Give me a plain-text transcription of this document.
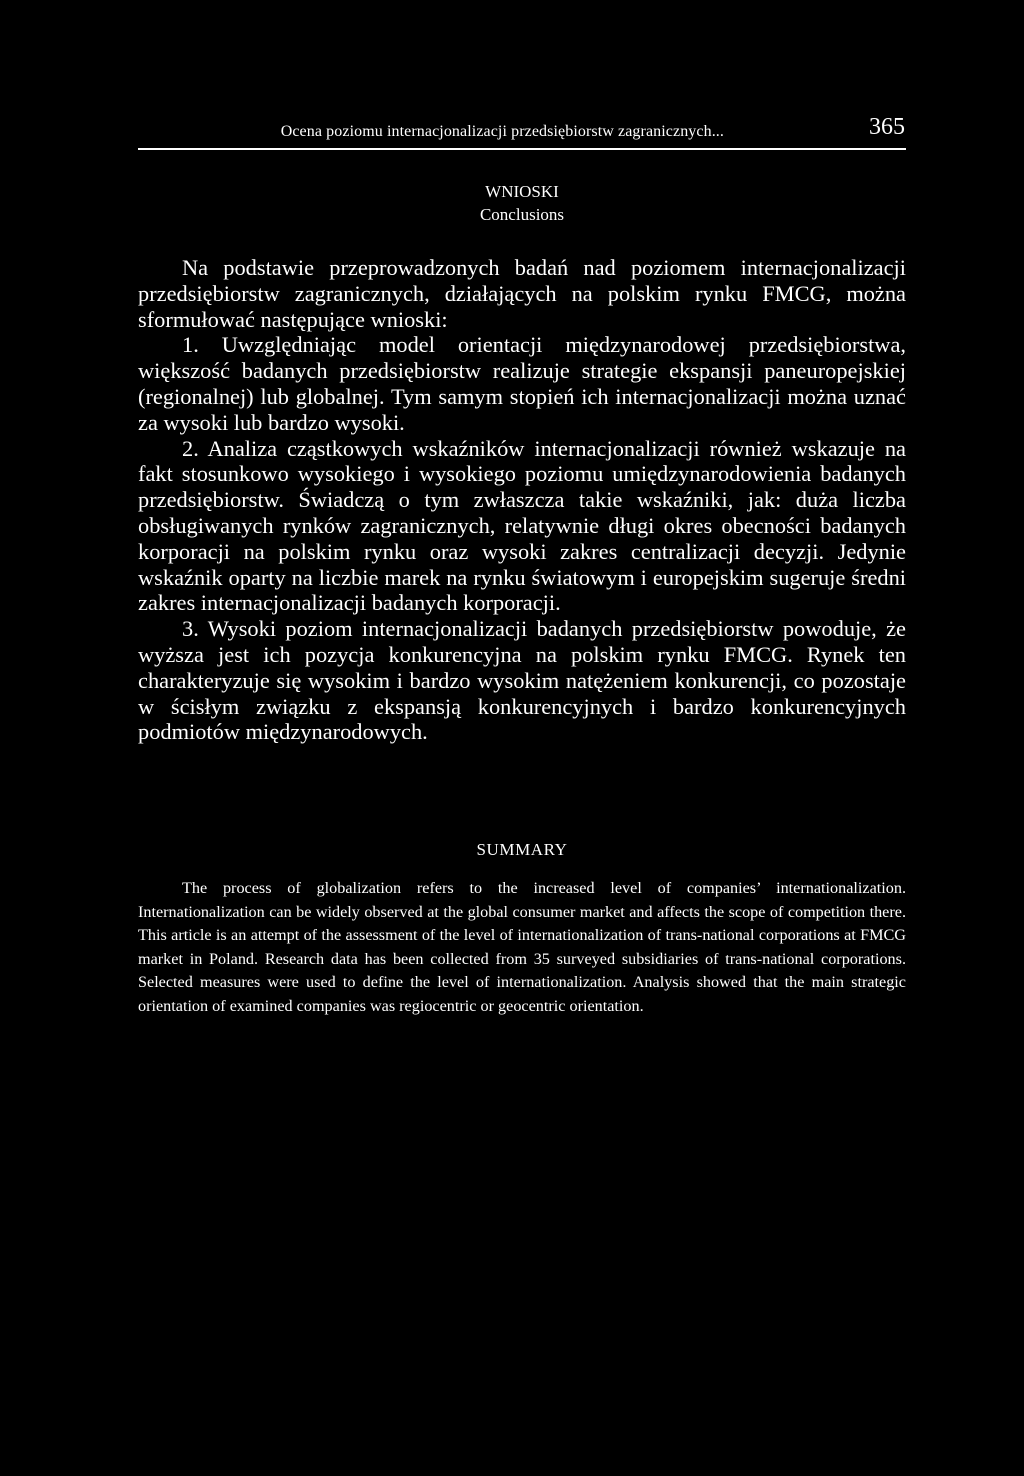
Ocena poziomu internacjonalizacji przedsiębiorstw zagranicznych...	365
WNIOSKI
Conclusions

Na podstawie przeprowadzonych badań nad poziomem internacjonalizacji przedsiębiorstw zagranicznych, działających na polskim rynku FMCG, można sformułować następujące wnioski:

1. Uwzględniając model orientacji międzynarodowej przedsiębiorstwa, większość badanych przedsiębiorstw realizuje strategie ekspansji paneuropejskiej (regionalnej) lub globalnej. Tym samym stopień ich internacjonalizacji można uznać za wysoki lub bardzo wysoki.

2. Analiza cząstkowych wskaźników internacjonalizacji również wskazuje na fakt stosunkowo wysokiego i wysokiego poziomu umiędzynarodowienia badanych przedsiębiorstw. Świadczą o tym zwłaszcza takie wskaźniki, jak: duża liczba obsługiwanych rynków zagranicznych, relatywnie długi okres obecności badanych korporacji na polskim rynku oraz wysoki zakres centralizacji decyzji. Jedynie wskaźnik oparty na liczbie marek na rynku światowym i europejskim sugeruje średni zakres internacjonalizacji badanych korporacji.

3. Wysoki poziom internacjonalizacji badanych przedsiębiorstw powoduje, że wyższa jest ich pozycja konkurencyjna na polskim rynku FMCG. Rynek ten charakteryzuje się wysokim i bardzo wysokim natężeniem konkurencji, co pozostaje w ścisłym związku z ekspansją konkurencyjnych i bardzo konkurencyjnych podmiotów międzynarodowych.

SUMMARY

The process of globalization refers to the increased level of companies’ internationalization. Internationalization can be widely observed at the global consumer market and affects the scope of competition there. This article is an attempt of the assessment of the level of internationalization of trans-national corporations at FMCG market in Poland. Research data has been collected from 35 surveyed subsidiaries of trans-national corporations. Selected measures were used to define the level of internationalization. Analysis showed that the main strategic orientation of examined companies was regiocentric or geocentric orientation.
